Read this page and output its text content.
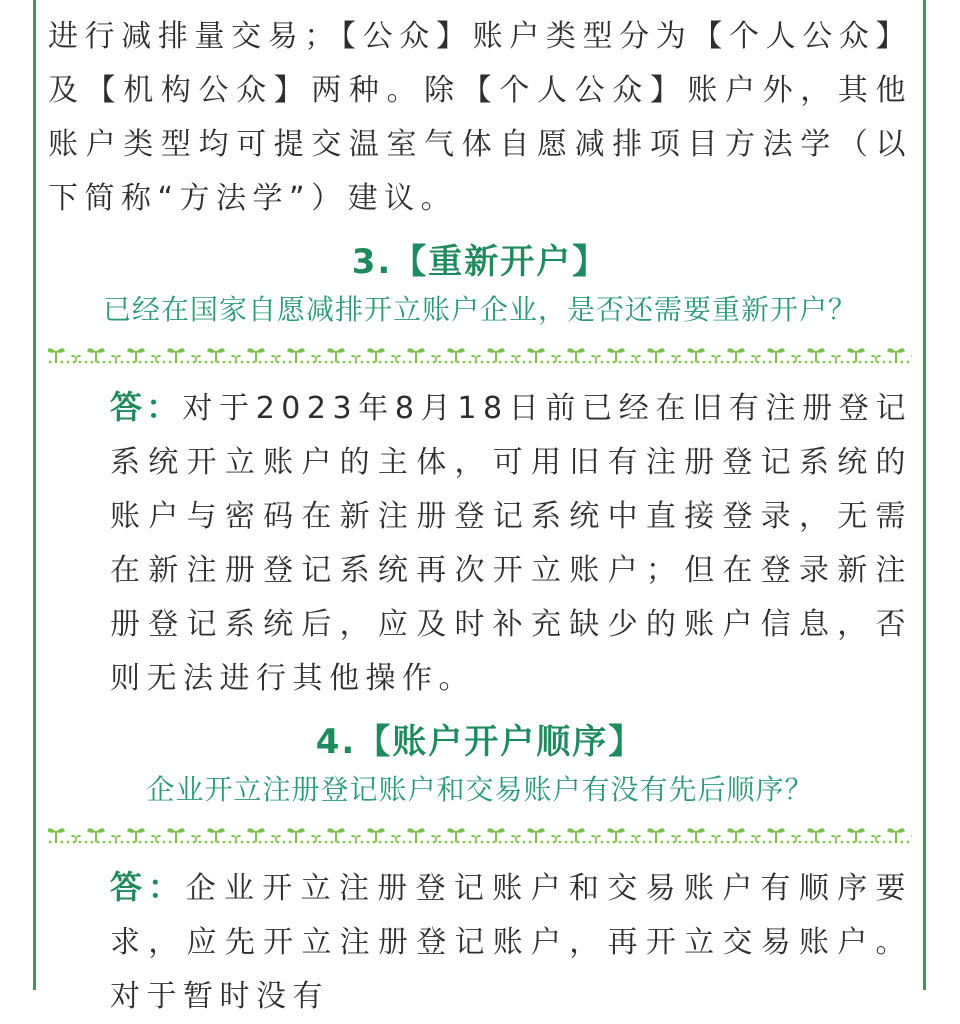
进行减排量交易；【公众】账户类型分为【个人公众】及【机构公众】两种。除【个人公众】账户外，其他账户类型均可提交温室气体自愿减排项目方法学（以下简称“方法学”）建议。

3.【重新开户】

已经在国家自愿减排开立账户企业，是否还需要重新开户？

答：对于2023年8月18日前已经在旧有注册登记系统开立账户的主体，可用旧有注册登记系统的账户与密码在新注册登记系统中直接登录，无需在新注册登记系统再次开立账户；但在登录新注册登记系统后，应及时补充缺少的账户信息，否则无法进行其他操作。

4.【账户开户顺序】

企业开立注册登记账户和交易账户有没有先后顺序？

答：企业开立注册登记账户和交易账户有顺序要求，应先开立注册登记账户，再开立交易账户。对于暂时没有
